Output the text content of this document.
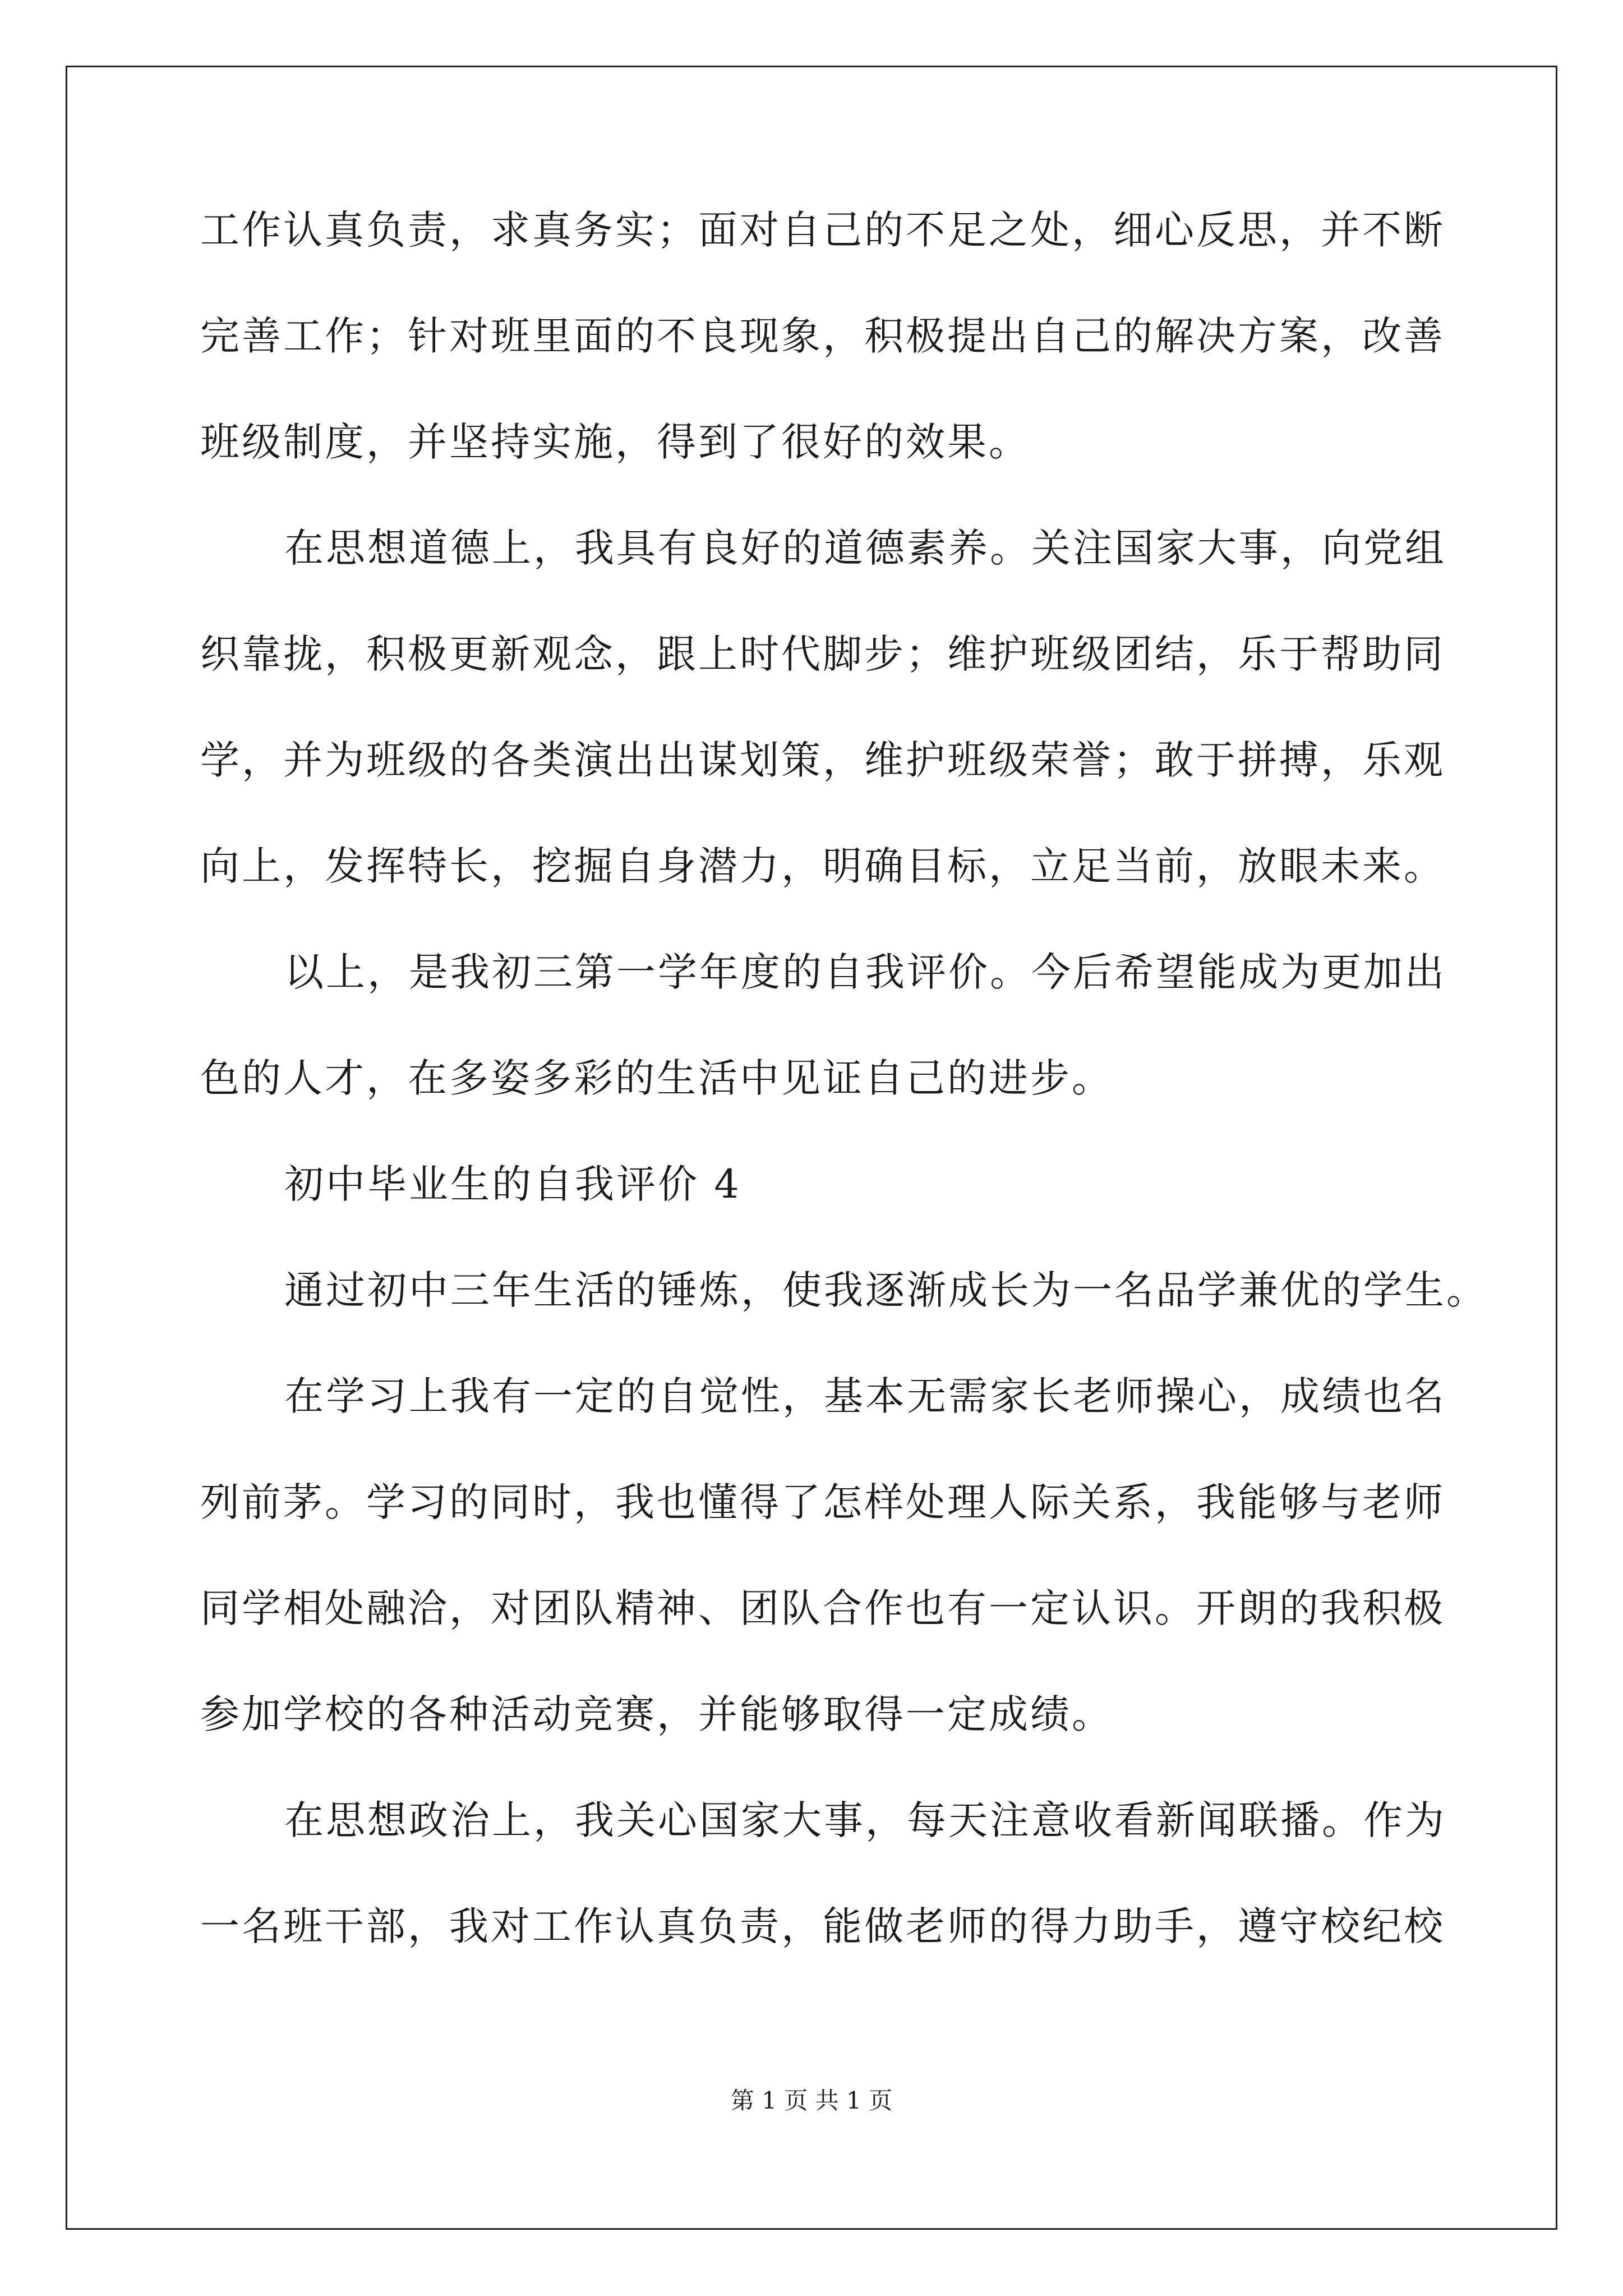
工作认真负责，求真务实；面对自己的不足之处，细心反思，并不断
完善工作；针对班里面的不良现象，积极提出自己的解决方案，改善
班级制度，并坚持实施，得到了很好的效果。
在思想道德上，我具有良好的道德素养。关注国家大事，向党组
织靠拢，积极更新观念，跟上时代脚步；维护班级团结，乐于帮助同
学，并为班级的各类演出出谋划策，维护班级荣誉；敢于拼搏，乐观
向上，发挥特长，挖掘自身潜力，明确目标，立足当前，放眼未来。
以上，是我初三第一学年度的自我评价。今后希望能成为更加出
色的人才，在多姿多彩的生活中见证自己的进步。
初中毕业生的自我评价 4
通过初中三年生活的锤炼，使我逐渐成长为一名品学兼优的学生。
在学习上我有一定的自觉性，基本无需家长老师操心，成绩也名
列前茅。学习的同时，我也懂得了怎样处理人际关系，我能够与老师
同学相处融洽，对团队精神、团队合作也有一定认识。开朗的我积极
参加学校的各种活动竞赛，并能够取得一定成绩。
在思想政治上，我关心国家大事，每天注意收看新闻联播。作为
一名班干部，我对工作认真负责，能做老师的得力助手，遵守校纪校
第 1 页 共 1 页
